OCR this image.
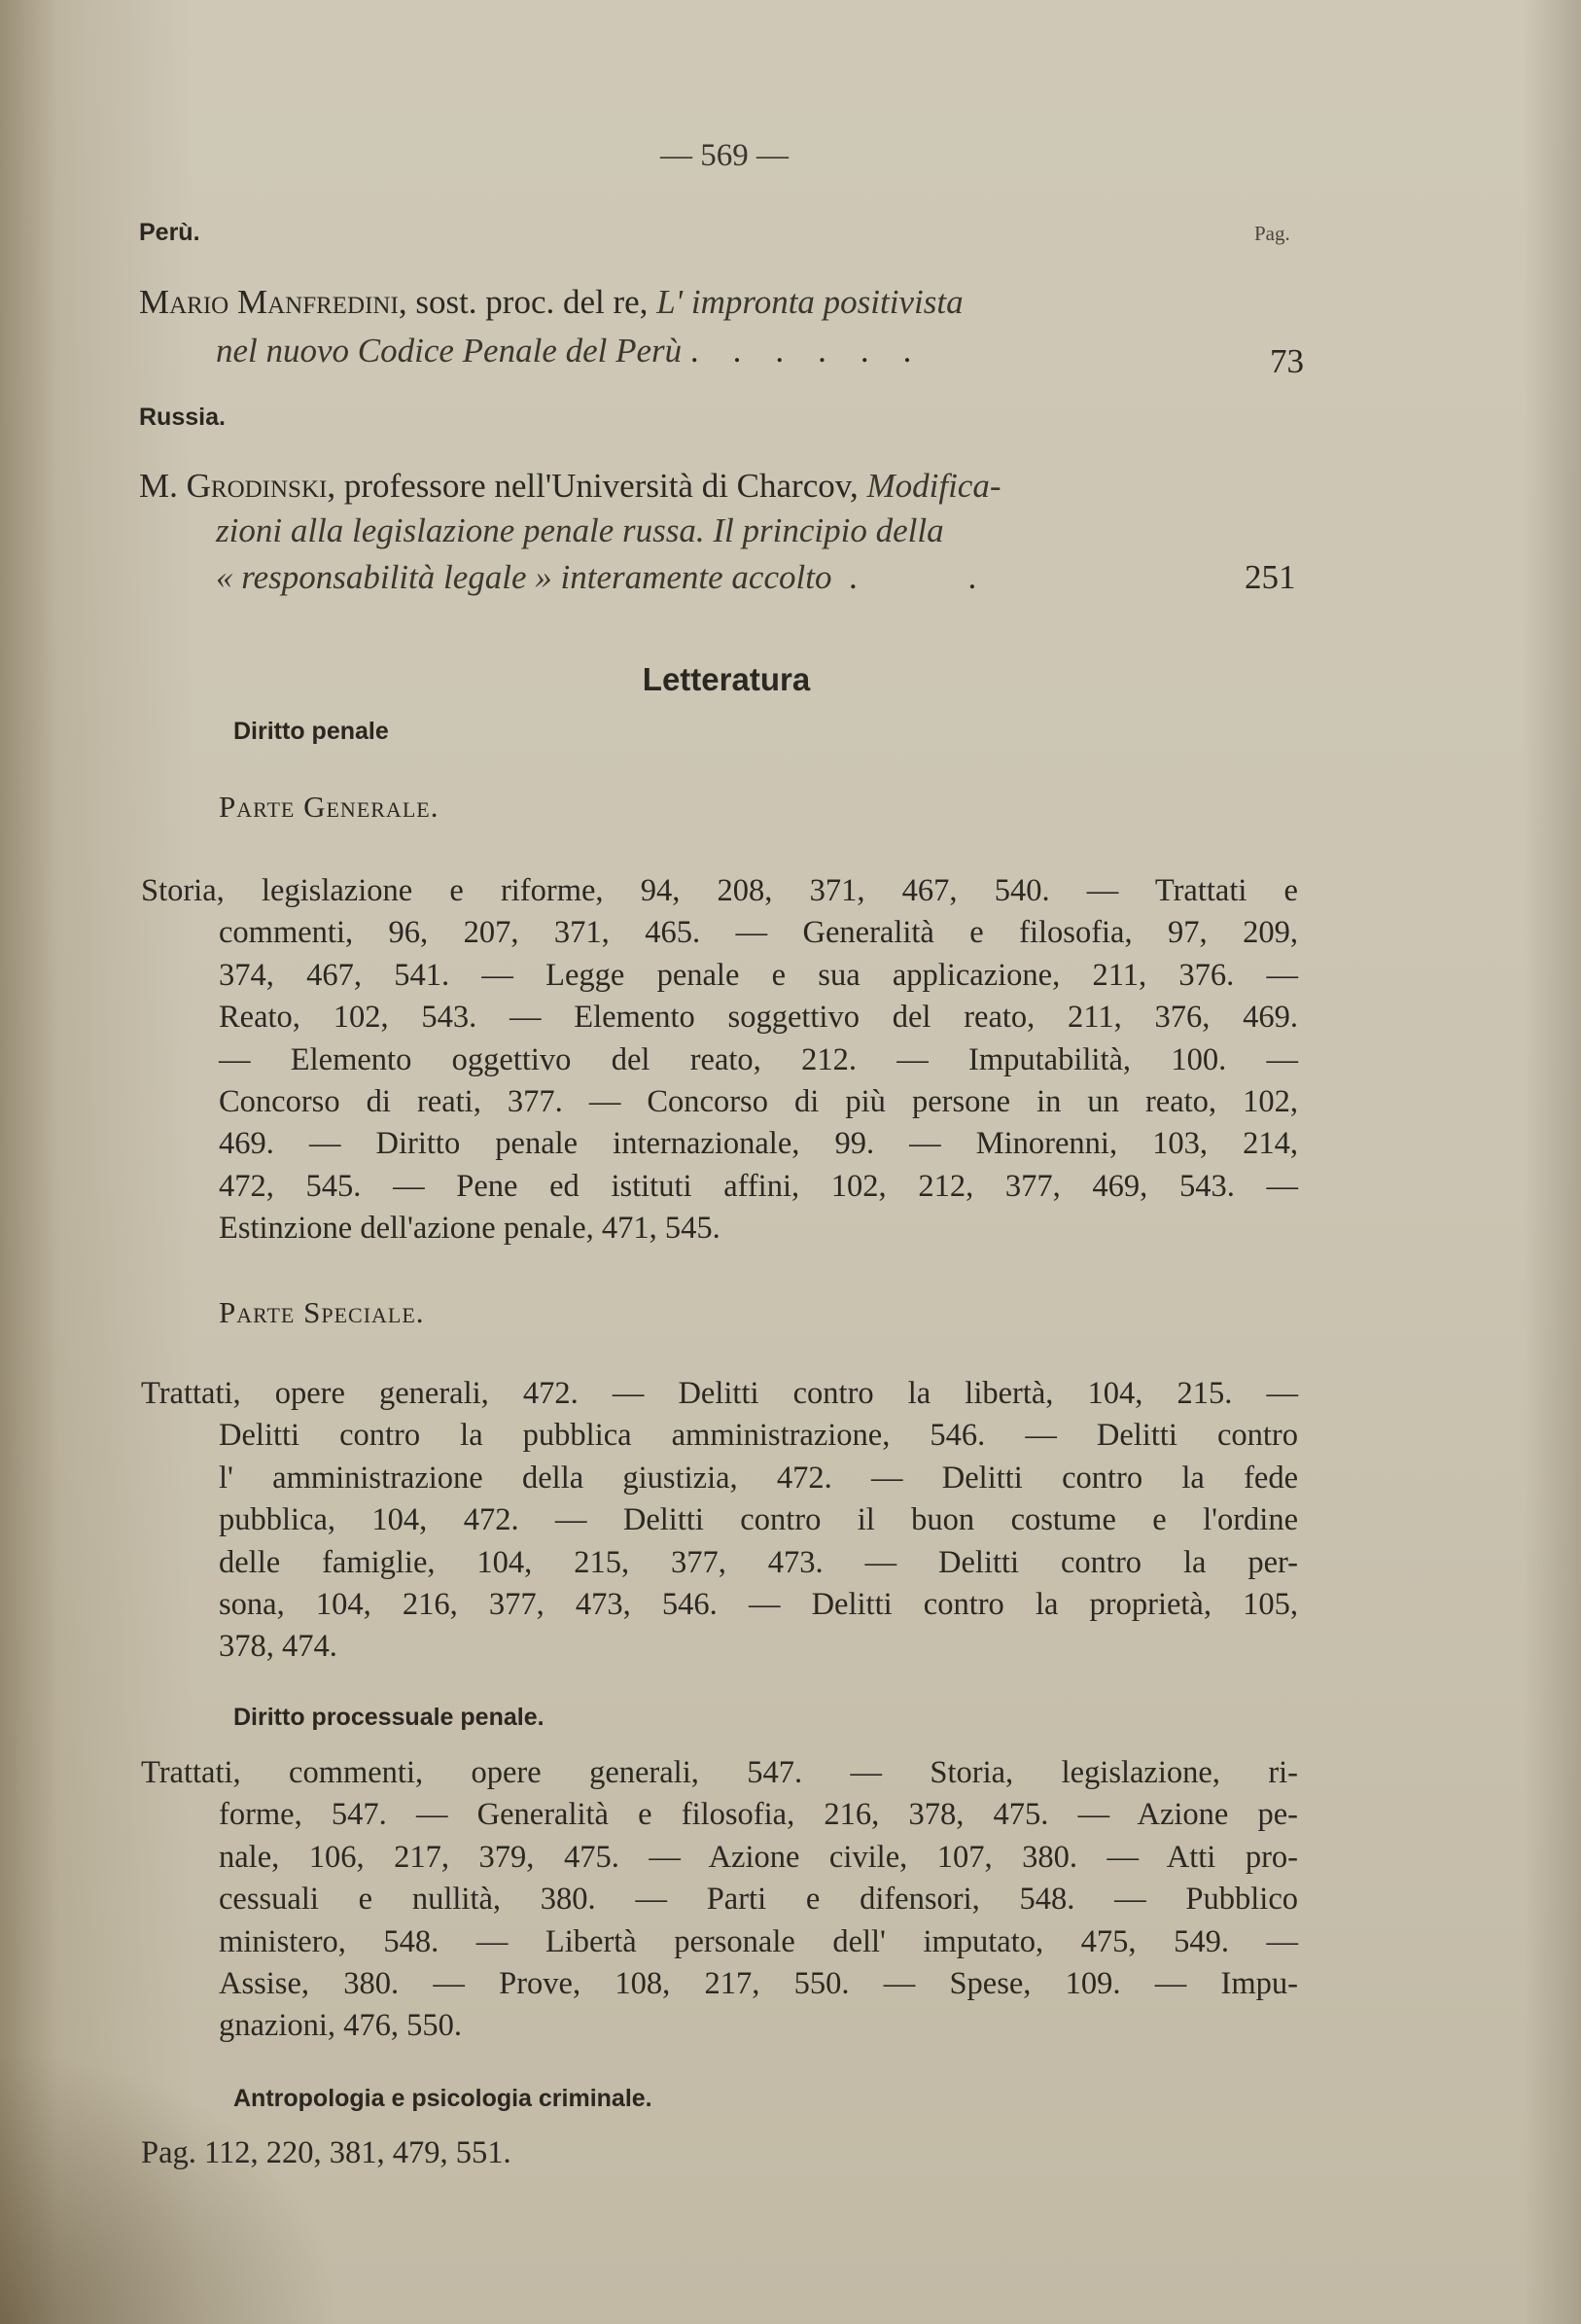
— 569 —
Perù.	Pag.
Mario Manfredini, sost. proc. del re, L' impronta positivista
nel nuovo Codice Penale del Perù .    .    .    .    .    .	73
Russia.
M. Grodinski, professore nell'Università di Charcov, Modifica-
zioni alla legislazione penale russa. Il principio della
« responsabilità legale » interamente accolto .             .	251
Letteratura
Diritto penale
Parte Generale.
Storia, legislazione e riforme, 94, 208, 371, 467, 540. — Trattati e
commenti, 96, 207, 371, 465. — Generalità e filosofia, 97, 209,
374, 467, 541. — Legge penale e sua applicazione, 211, 376. —
Reato, 102, 543. — Elemento soggettivo del reato, 211, 376, 469.
— Elemento oggettivo del reato, 212. — Imputabilità, 100. —
Concorso di reati, 377. — Concorso di più persone in un reato, 102,
469. — Diritto penale internazionale, 99. — Minorenni, 103, 214,
472, 545. — Pene ed istituti affini, 102, 212, 377, 469, 543. —
Estinzione dell'azione penale, 471, 545.
Parte Speciale.
Trattati, opere generali, 472. — Delitti contro la libertà, 104, 215. —
Delitti contro la pubblica amministrazione, 546. — Delitti contro
l' amministrazione della giustizia, 472. — Delitti contro la fede
pubblica, 104, 472. — Delitti contro il buon costume e l'ordine
delle famiglie, 104, 215, 377, 473. — Delitti contro la per-
sona, 104, 216, 377, 473, 546. — Delitti contro la proprietà, 105,
378, 474.
Diritto processuale penale.
Trattati, commenti, opere generali, 547. — Storia, legislazione, ri-
forme, 547. — Generalità e filosofia, 216, 378, 475. — Azione pe-
nale, 106, 217, 379, 475. — Azione civile, 107, 380. — Atti pro-
cessuali e nullità, 380. — Parti e difensori, 548. — Pubblico
ministero, 548. — Libertà personale dell' imputato, 475, 549. —
Assise, 380. — Prove, 108, 217, 550. — Spese, 109. — Impu-
gnazioni, 476, 550.
Antropologia e psicologia criminale.
Pag. 112, 220, 381, 479, 551.
